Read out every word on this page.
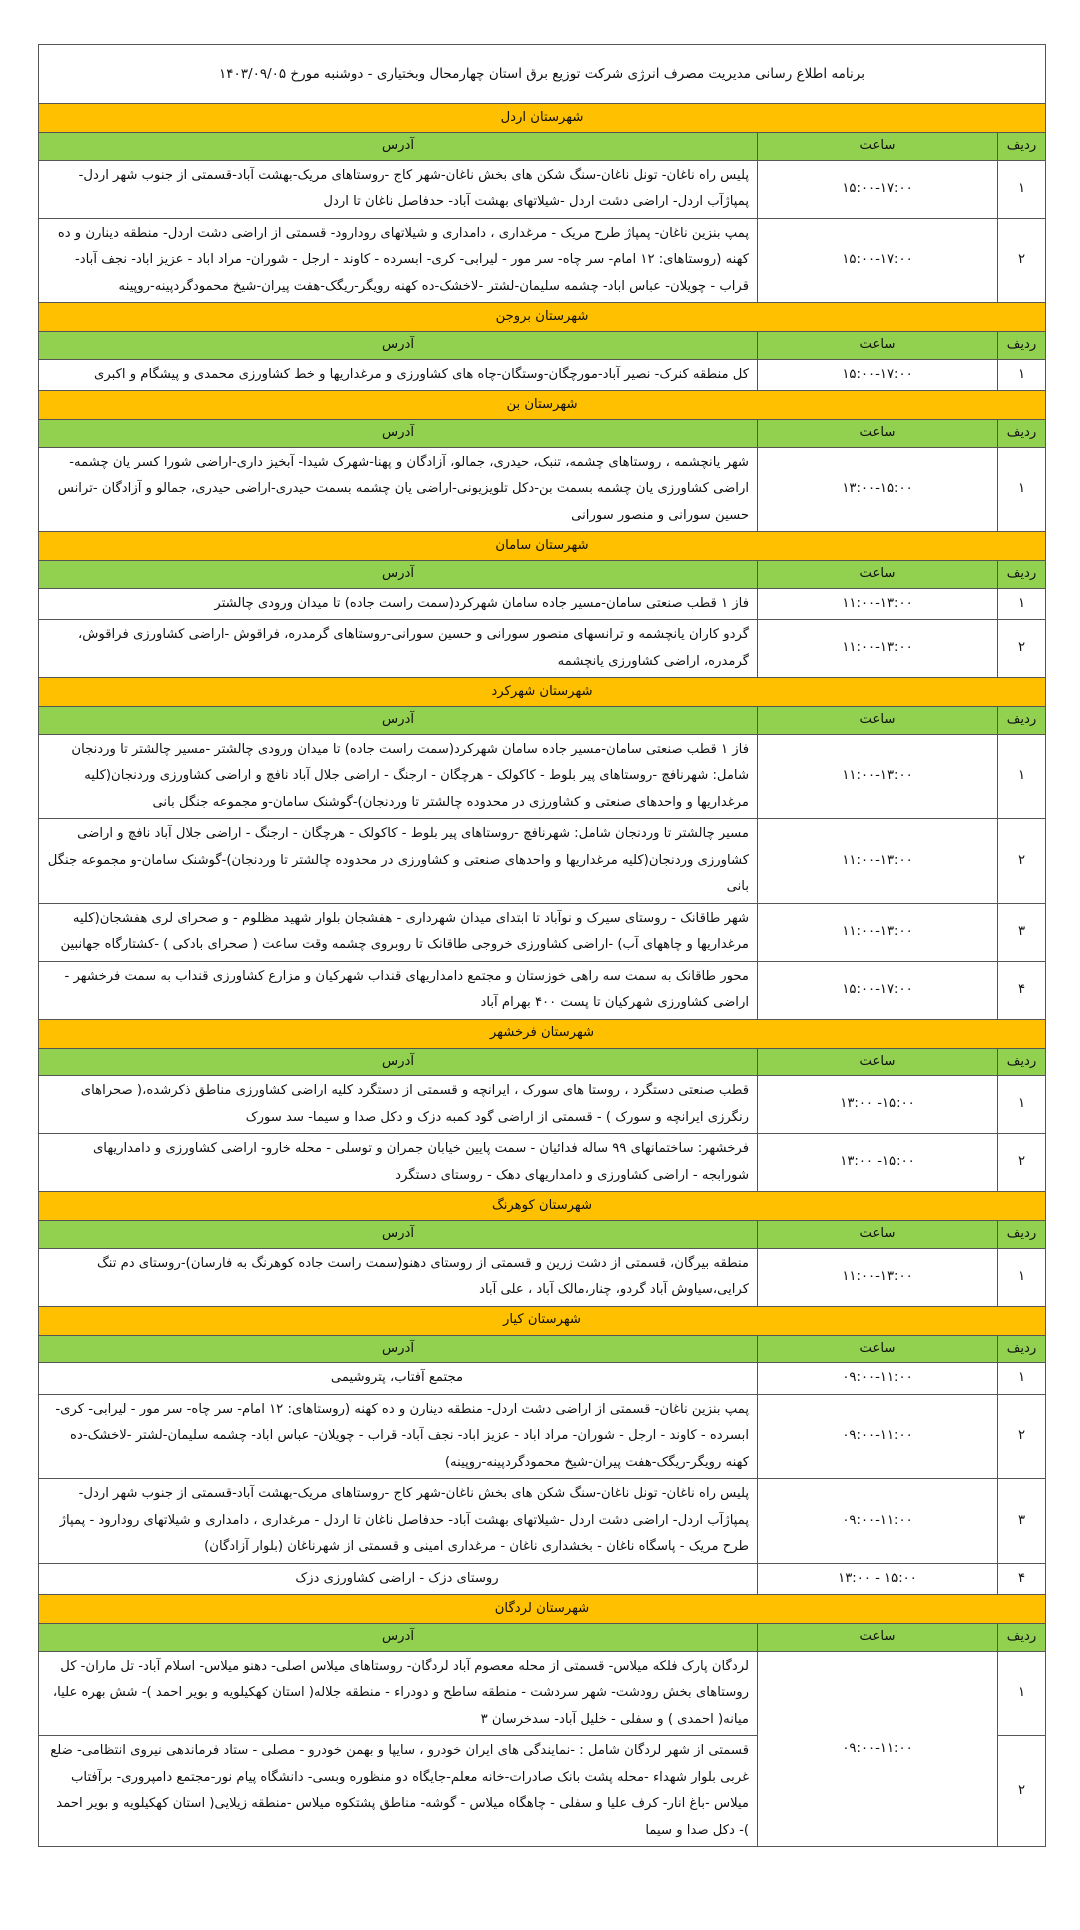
برنامه اطلاع رسانی مدیریت مصرف انرژی شرکت توزیع برق استان چهارمحال وبختیاری - دوشنبه مورخ ۱۴۰۳/۰۹/۰۵		
شهرستان اردل		
ردیف	ساعت	آدرس
۱	۱۵:۰۰-۱۷:۰۰	پلیس راه ناغان- تونل ناغان-سنگ شکن های بخش ناغان-شهر کاج -روستاهای مریک-بهشت آباد-قسمتی از جنوب شهر اردل- پمپاژآب اردل- اراضی دشت اردل -شیلاتهای بهشت آباد- حدفاصل ناغان تا اردل
۲	۱۵:۰۰-۱۷:۰۰	پمپ بنزین ناغان- پمپاژ طرح مریک - مرغداری ، دامداری و شیلاتهای رودارود- قسمتی از اراضی دشت اردل- منطقه دینارن و ده کهنه (روستاهای: ۱۲ امام- سر چاه- سر مور - لیرابی- کری- ابسرده - کاوند - ارجل - شوران- مراد اباد - عزیز اباد- نجف آباد- قراب - چویلان- عباس اباد- چشمه سلیمان-لشتر -لاخشک-ده کهنه رویگر-ریگک-هفت پیران-شیخ محمودگردپینه-روپینه
شهرستان بروجن		
ردیف	ساعت	آدرس
۱	۱۵:۰۰-۱۷:۰۰	کل منطقه کنرک- نصیر آباد-مورچگان-وستگان-چاه های کشاورزی و مرغداریها و خط کشاورزی محمدی و پیشگام و اکبری
شهرستان بن		
ردیف	ساعت	آدرس
۱	۱۳:۰۰-۱۵:۰۰	شهر یانچشمه ، روستاهای چشمه، تنبک، حیدری، جمالو، آزادگان و پهنا-شهرک شیدا- آبخیز داری-اراضی شورا کسر یان چشمه-اراضی کشاورزی یان چشمه بسمت بن-دکل تلویزیونی-اراضی یان چشمه بسمت حیدری-اراضی حیدری، جمالو و آزادگان -ترانس حسین سورانی و منصور سورانی
شهرستان سامان		
ردیف	ساعت	آدرس
۱	۱۱:۰۰-۱۳:۰۰	فاز ۱ قطب صنعتی سامان-مسیر جاده سامان شهرکرد(سمت راست جاده) تا میدان ورودی چالشتر
۲	۱۱:۰۰-۱۳:۰۰	گردو کاران یانچشمه و ترانسهای منصور سورانی و حسین سورانی-روستاهای گرمدره، فراقوش -اراضی کشاورزی فراقوش، گرمدره، اراضی کشاورزی یانچشمه
شهرستان شهرکرد		
ردیف	ساعت	آدرس
۱	۱۱:۰۰-۱۳:۰۰	فاز ۱ قطب صنعتی سامان-مسیر جاده سامان شهرکرد(سمت راست جاده) تا میدان ورودی چالشتر -مسیر چالشتر تا وردنجان شامل: شهرنافچ -روستاهای پیر بلوط - کاکولک - هرچگان - ارجنگ - اراضی جلال آباد نافچ و اراضی کشاورزی وردنجان(کلیه مرغداریها و واحدهای صنعتی و کشاورزی در محدوده چالشتر تا وردنجان)-گوشنک سامان-و مجموعه جنگل بانی
۲	۱۱:۰۰-۱۳:۰۰	مسیر چالشتر تا وردنجان شامل: شهرنافچ -روستاهای پیر بلوط - کاکولک - هرچگان - ارجنگ - اراضی جلال آباد نافچ و اراضی کشاورزی وردنجان(کلیه مرغداریها و واحدهای صنعتی و کشاورزی در محدوده چالشتر تا وردنجان)-گوشنک سامان-و مجموعه جنگل بانی
۳	۱۱:۰۰-۱۳:۰۰	شهر طاقانک - روستای سیرک و نوآباد تا ابتدای میدان شهرداری - هفشجان بلوار شهید مظلوم - و صحرای لری هفشجان(کلیه مرغداریها و چاههای آب) -اراضی کشاورزی خروجی طاقانک تا روبروی چشمه وقت ساعت ( صحرای بادکی ) -کشتارگاه جهانبین
۴	۱۵:۰۰-۱۷:۰۰	محور طاقانک به سمت سه راهی خوزستان و مجتمع دامداریهای قنداب شهرکیان و مزارع کشاورزی قنداب به سمت فرخشهر - اراضی کشاورزی شهرکیان تا پست ۴۰۰ بهرام آباد
شهرستان فرخشهر		
ردیف	ساعت	آدرس
۱	۱۳:۰۰ -۱۵:۰۰	قطب صنعتی دستگرد ، روستا های سورک ، ایرانچه و قسمتی از دستگرد کلیه اراضی کشاورزی مناطق ذکرشده،( صحراهای رنگرزی ایرانچه و سورک ) - قسمتی از اراضی گود کمبه دزک و دکل صدا و سیما- سد سورک
۲	۱۳:۰۰ -۱۵:۰۰	فرخشهر: ساختمانهای ۹۹ ساله فدائیان - سمت پایین خیابان جمران و توسلی - محله خارو- اراضی کشاورزی و دامداریهای شورابجه - اراضی کشاورزی و دامداریهای دهک - روستای دستگرد
شهرستان کوهرنگ		
ردیف	ساعت	آدرس
۱	۱۱:۰۰-۱۳:۰۰	منطقه بیرگان، قسمتی از دشت زرین و قسمتی از روستای دهنو(سمت راست جاده کوهرنگ به فارسان)-روستای دم تنگ کرایی،سیاوش آباد گردو، چنار،مالک آباد ، علی آباد
شهرستان کیار		
ردیف	ساعت	آدرس
۱	۰۹:۰۰-۱۱:۰۰	مجتمع آفتاب، پتروشیمی
۲	۰۹:۰۰-۱۱:۰۰	پمپ بنزین ناغان- قسمتی از اراضی دشت اردل- منطقه دینارن و ده کهنه (روستاهای: ۱۲ امام- سر چاه- سر مور - لیرابی- کری- ابسرده - کاوند - ارجل - شوران- مراد اباد - عزیز اباد- نجف آباد- قراب - چویلان- عباس اباد- چشمه سلیمان-لشتر -لاخشک-ده کهنه رویگر-ریگک-هفت پیران-شیخ محمودگردپینه-روپینه)
۳	۰۹:۰۰-۱۱:۰۰	پلیس راه ناغان- تونل ناغان-سنگ شکن های بخش ناغان-شهر کاج -روستاهای مریک-بهشت آباد-قسمتی از جنوب شهر اردل- پمپاژآب اردل- اراضی دشت اردل -شیلاتهای بهشت آباد- حدفاصل ناغان تا اردل - مرغداری ، دامداری و شیلاتهای رودارود - پمپاژ طرح مریک - پاسگاه ناغان - بخشداری ناغان - مرغداری امینی و قسمتی از شهرناغان (بلوار آزادگان)
۴	۱۳:۰۰ - ۱۵:۰۰	روستای دزک - اراضی کشاورزی دزک
شهرستان لردگان		
ردیف	ساعت	آدرس
۱	۰۹:۰۰-۱۱:۰۰	لردگان پارک فلکه میلاس- قسمتی از محله معصوم آباد لردگان- روستاهای میلاس اصلی- دهنو میلاس- اسلام آباد- تل ماران- کل روستاهای بخش رودشت- شهر سردشت - منطقه ساطح و دودراء - منطقه جلاله( استان کهکیلویه و بویر احمد )- شش بهره علیا، میانه( احمدی ) و سفلی - خلیل آباد- سدخرسان ۳
۲		قسمتی از شهر لردگان شامل : -نمایندگی های ایران خودرو ، سایپا و بهمن خودرو - مصلی - ستاد فرماندهی نیروی انتظامی- ضلع غربی بلوار شهداء -محله پشت بانک صادرات-خانه معلم-جایگاه دو منظوره وبسی- دانشگاه پیام نور-مجتمع دامپروری- برآفتاب میلاس -باغ انار- کرف علیا و سفلی - چاهگاه میلاس - گوشه- مناطق پشتکوه میلاس -منطقه زیلایی( استان کهکیلویه و بویر احمد )- دکل صدا و سیما
